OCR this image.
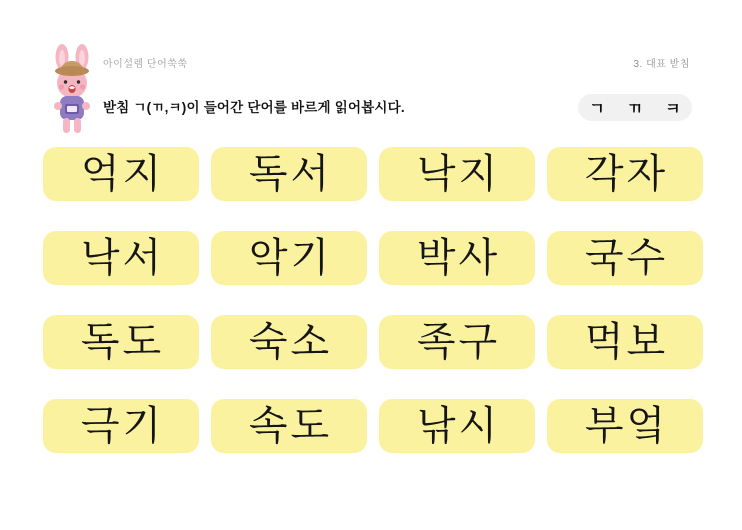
아이설렘 단어쑥쑥	3. 대표 받침
받침 ㄱ(ㄲ,ㅋ)이 들어간 단어를 바르게 읽어봅시다.	ㄱ ㄲ ㅋ
억지	독서	낙지	각자
낙서	악기	박사	국수
독도	숙소	족구	먹보
극기	속도	낚시	부엌
